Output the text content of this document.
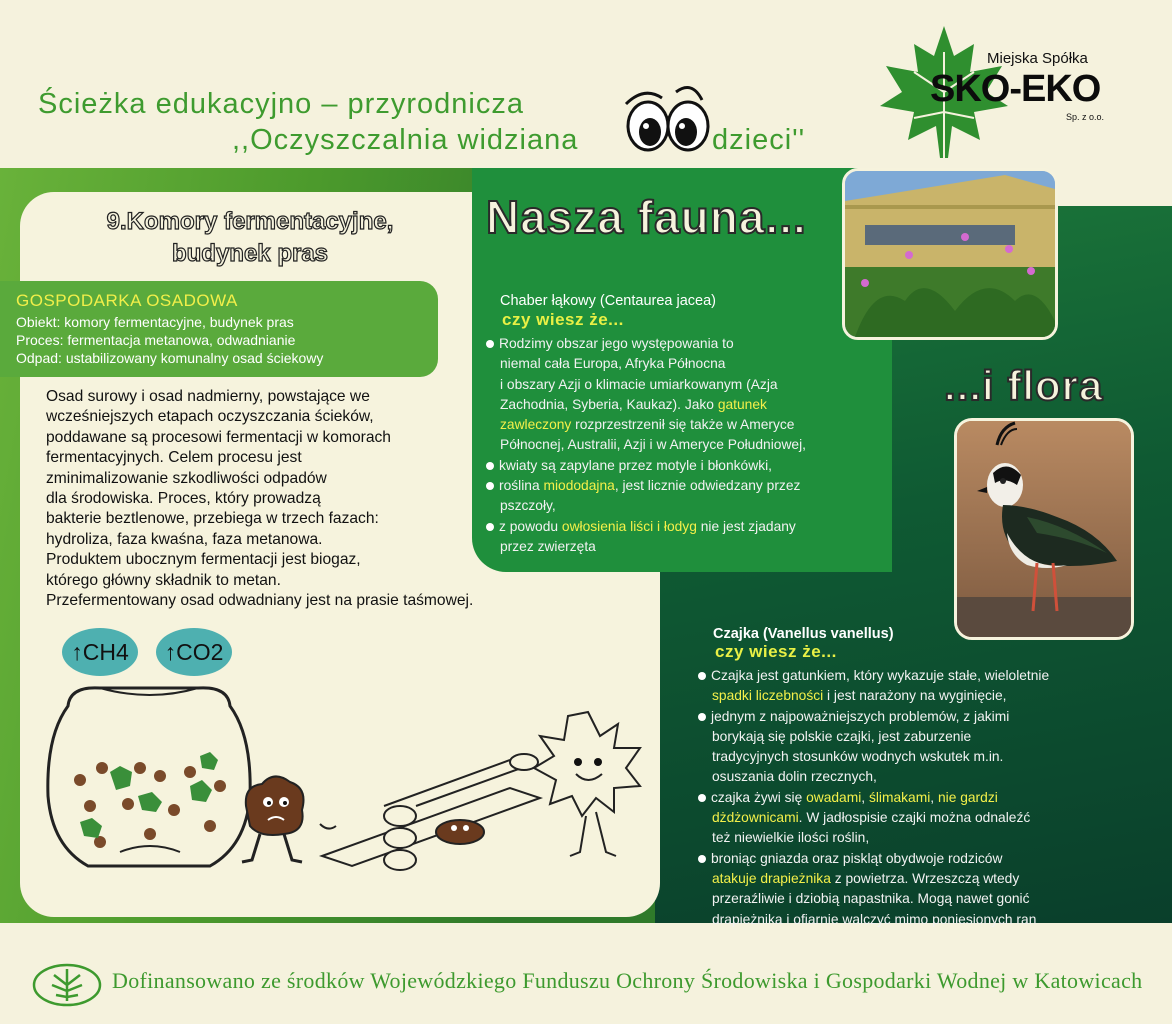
Ścieżka edukacyjno – przyrodnicza
,,Oczyszczalnia widziana	dzieci''
Miejska Spółka
SKO-EKO
Sp. z o.o.
9.Komory fermentacyjne,
budynek pras
GOSPODARKA OSADOWA
Obiekt: komory fermentacyjne, budynek pras
Proces: fermentacja metanowa, odwadnianie
Odpad: ustabilizowany komunalny osad ściekowy
Osad surowy i osad nadmierny, powstające we
wcześniejszych etapach oczyszczania ścieków,
poddawane są procesowi fermentacji w komorach
fermentacyjnych. Celem procesu jest
zminimalizowanie szkodliwości odpadów
dla środowiska. Proces, który prowadzą
bakterie beztlenowe, przebiega w trzech fazach:
hydroliza, faza kwaśna, faza metanowa.
Produktem ubocznym fermentacji jest biogaz,
którego główny składnik to metan.
Przefermentowany osad odwadniany jest na prasie taśmowej.
↑CH4	↑CO2
Nasza fauna...
Chaber łąkowy (Centaurea jacea)
czy wiesz że...
Rodzimy obszar jego występowania to
niemal cała Europa, Afryka Północna
i obszary Azji o klimacie umiarkowanym (Azja
Zachodnia, Syberia, Kaukaz). Jako gatunek
zawleczony rozprzestrzenił się także w Ameryce
Północnej, Australii, Azji i w Ameryce Południowej,
kwiaty są zapylane przez motyle i błonkówki,
roślina miododajna, jest licznie odwiedzany przez
pszczoły,
z powodu owłosienia liści i łodyg nie jest zjadany
przez zwierzęta
...i flora
Czajka (Vanellus vanellus)
czy wiesz że...
Czajka jest gatunkiem, który wykazuje stałe, wieloletnie
spadki liczebności i jest narażony na wyginięcie,
jednym z najpoważniejszych problemów, z jakimi
borykają się polskie czajki, jest zaburzenie
tradycyjnych stosunków wodnych wskutek m.in.
osuszania dolin rzecznych,
czajka żywi się owadami, ślimakami, nie gardzi
dżdżownicami. W jadłospisie czajki można odnaleźć
też niewielkie ilości roślin,
broniąc gniazda oraz piskląt obydwoje rodziców
atakuje drapieżnika z powietrza. Wrzeszczą wtedy
przeraźliwie i dziobią napastnika. Mogą nawet gonić
drapieżnika i ofiarnie walczyć mimo poniesionych ran
Dofinansowano ze środków Wojewódzkiego Funduszu Ochrony Środowiska i Gospodarki Wodnej w Katowicach
